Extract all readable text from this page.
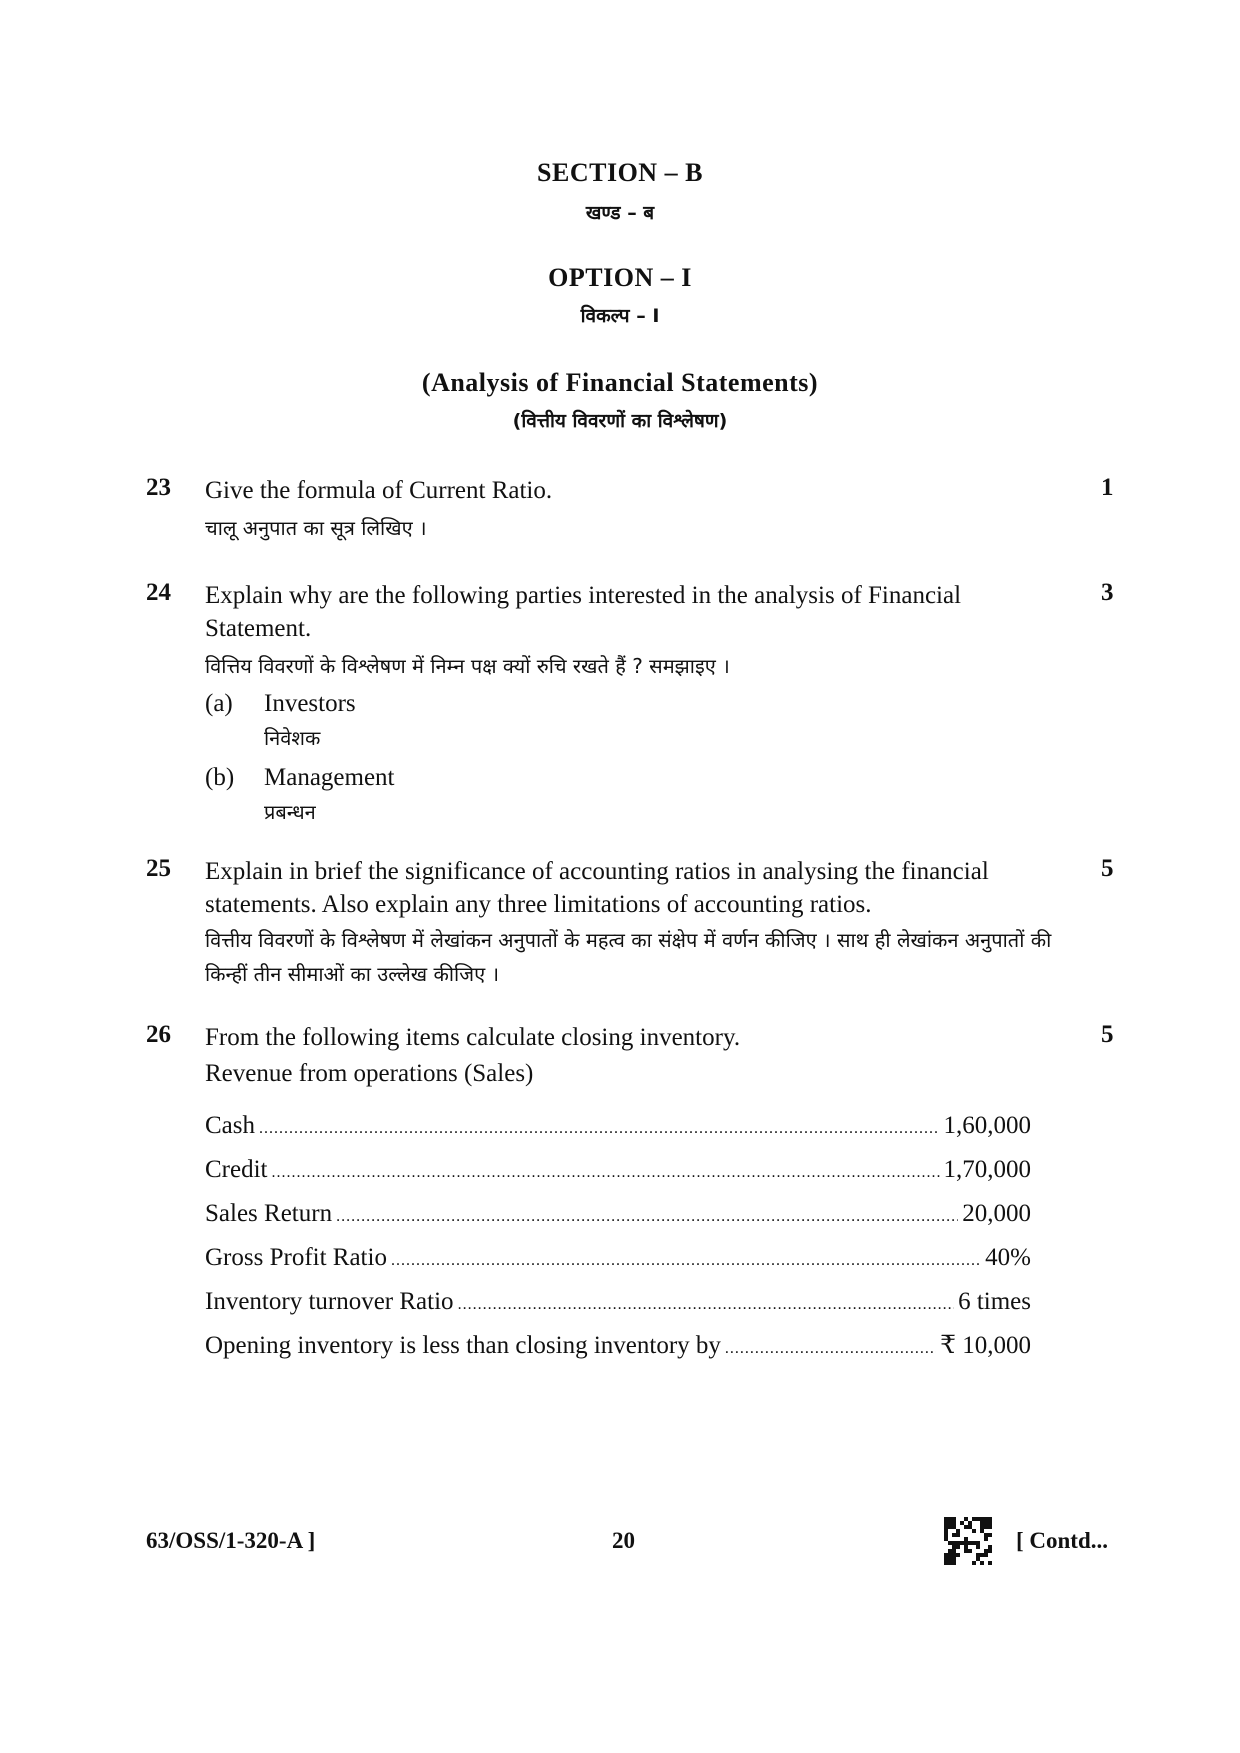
SECTION – B
खण्ड – ब
OPTION – I
विकल्प – I
(Analysis of Financial Statements)
(वित्तीय विवरणों का विश्लेषण)
23 Give the formula of Current Ratio.
चालू अनुपात का सूत्र लिखिए ।
1
24 Explain why are the following parties interested in the analysis of Financial Statement.
वित्तिय विवरणों के विश्लेषण में निम्न पक्ष क्यों रुचि रखते हैं ? समझाइए ।
(a)	Investors
निवेशक
(b)	Management
प्रबन्धन
3
25 Explain in brief the significance of accounting ratios in analysing the financial statements. Also explain any three limitations of accounting ratios.
वित्तीय विवरणों के विश्लेषण में लेखांकन अनुपातों के महत्व का संक्षेप में वर्णन कीजिए । साथ ही लेखांकन अनुपातों की किन्हीं तीन सीमाओं का उल्लेख कीजिए ।
5
26 From the following items calculate closing inventory.
Revenue from operations (Sales)
Cash .....	1,60,000
Credit .....	1,70,000
Sales Return .....	20,000
Gross Profit Ratio .....	40%
Inventory turnover Ratio .....	6 times
Opening inventory is less than closing inventory by .....	₹ 10,000
5
63/OSS/1-320-A ]	20	[ Contd...
